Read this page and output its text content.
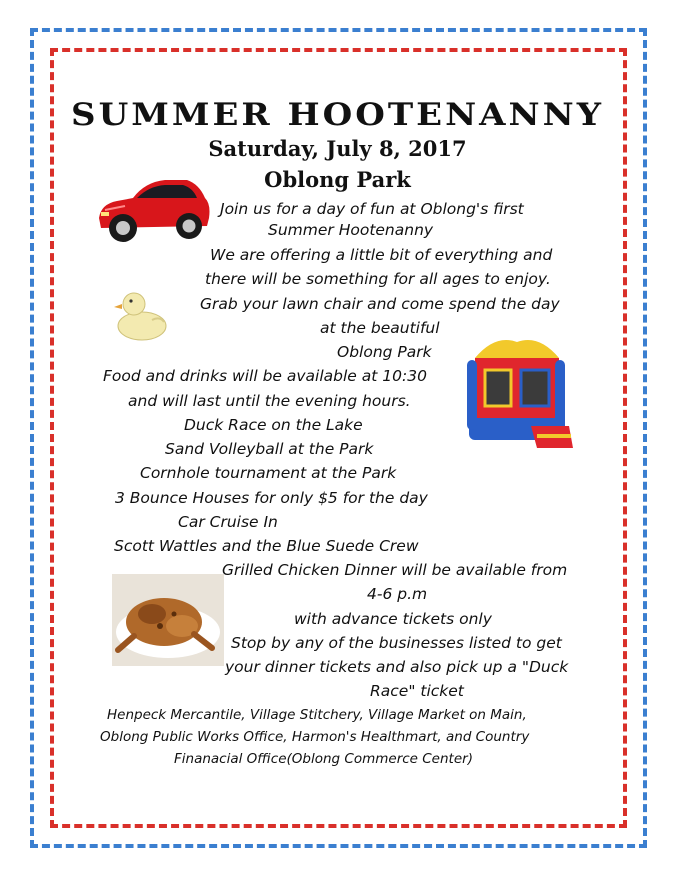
SUMMER HOOTENANNY

Saturday, July 8, 2017

Oblong Park

Join us for a day of fun at Oblong's first

Summer Hootenanny

We are offering a little bit of everything and

there will be something for all ages to enjoy.

Grab your lawn chair and come spend the day

at the beautiful

Oblong Park

Food and drinks will be available at 10:30

and will last until the evening hours.

Duck Race on the Lake

Sand Volleyball at the Park

Cornhole tournament at the Park

3 Bounce Houses for only $5 for the day

Car Cruise In

Scott Wattles and the Blue Suede Crew

Grilled Chicken Dinner will be available from

4-6 p.m

with advance tickets only

Stop by any of the businesses listed to get

your dinner tickets and also pick up a "Duck

Race" ticket

Henpeck Mercantile, Village Stitchery, Village Market on Main,

Oblong Public Works Office, Harmon's Healthmart, and Country

Finanacial Office(Oblong Commerce Center)
